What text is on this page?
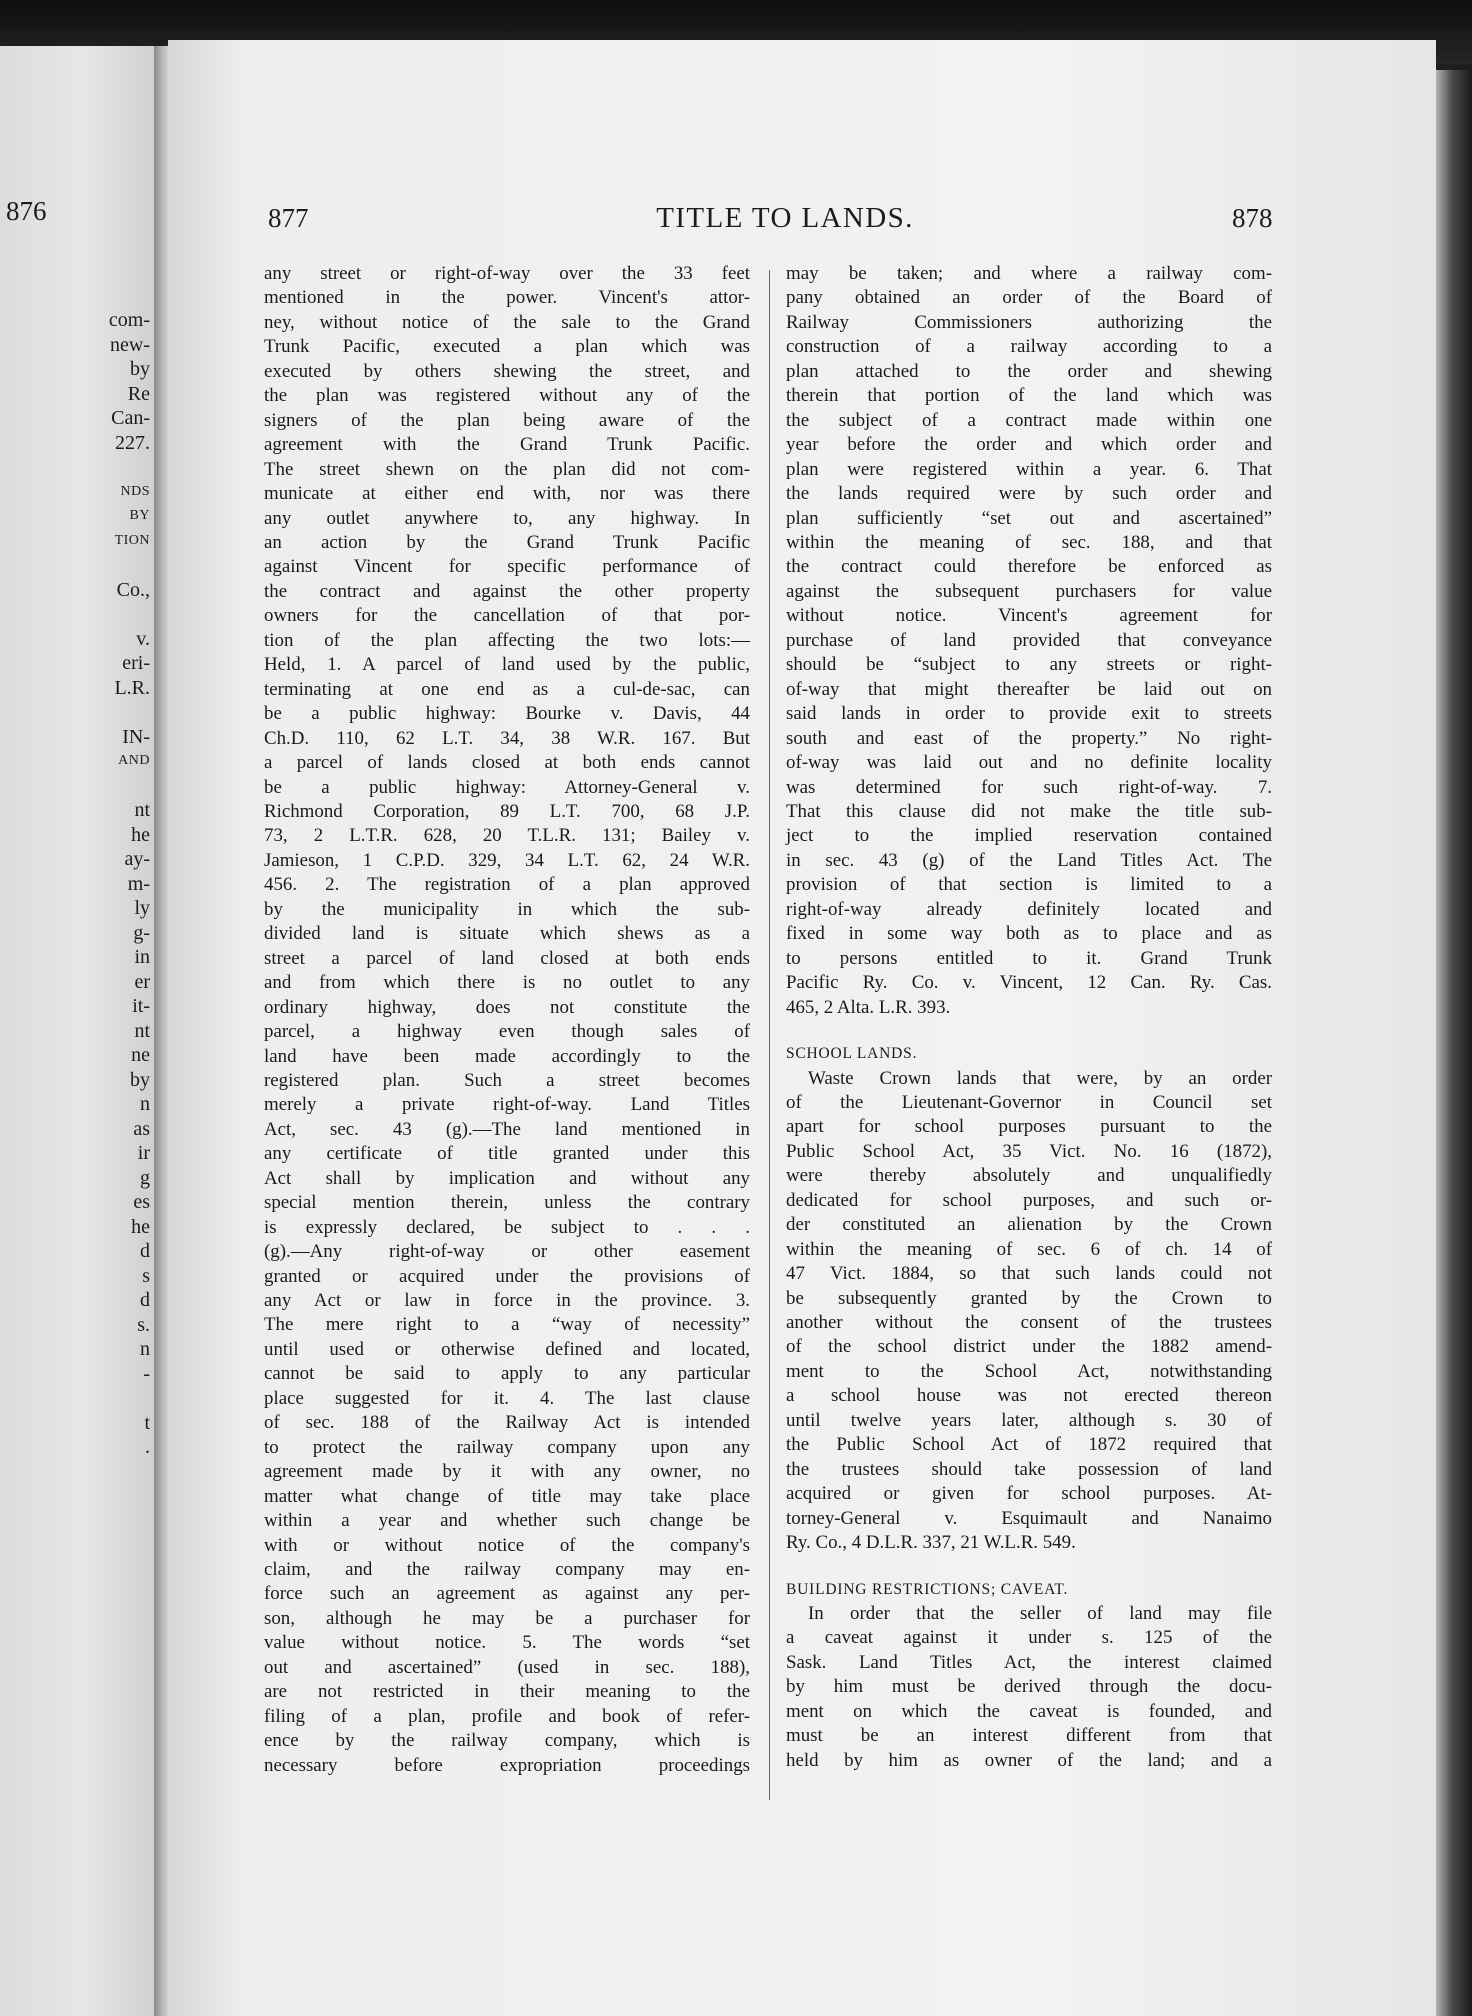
876
com-
new-
by
Re
Can-
227.

NDS
BY
TION

Co.,

v.
eri-
L.R.

IN-
AND

nt
he
ay-
m-
ly
g-
in
er
it-
nt
ne
by
n
as
ir
g
es
he
d
s
d
s.
n
-

t
.
877	TITLE TO LANDS.	878
any street or right-of-way over the 33 feet
mentioned in the power. Vincent's attor-
ney, without notice of the sale to the Grand
Trunk Pacific, executed a plan which was
executed by others shewing the street, and
the plan was registered without any of the
signers of the plan being aware of the
agreement with the Grand Trunk Pacific.
The street shewn on the plan did not com-
municate at either end with, nor was there
any outlet anywhere to, any highway. In
an action by the Grand Trunk Pacific
against Vincent for specific performance of
the contract and against the other property
owners for the cancellation of that por-
tion of the plan affecting the two lots:—
Held, 1. A parcel of land used by the public,
terminating at one end as a cul-de-sac, can
be a public highway: Bourke v. Davis, 44
Ch.D. 110, 62 L.T. 34, 38 W.R. 167. But
a parcel of lands closed at both ends cannot
be a public highway: Attorney-General v.
Richmond Corporation, 89 L.T. 700, 68 J.P.
73, 2 L.T.R. 628, 20 T.L.R. 131; Bailey v.
Jamieson, 1 C.P.D. 329, 34 L.T. 62, 24 W.R.
456. 2. The registration of a plan approved
by the municipality in which the sub-
divided land is situate which shews as a
street a parcel of land closed at both ends
and from which there is no outlet to any
ordinary highway, does not constitute the
parcel, a highway even though sales of
land have been made accordingly to the
registered plan. Such a street becomes
merely a private right-of-way. Land Titles
Act, sec. 43 (g).—The land mentioned in
any certificate of title granted under this
Act shall by implication and without any
special mention therein, unless the contrary
is expressly declared, be subject to . . .
(g).—Any right-of-way or other easement
granted or acquired under the provisions of
any Act or law in force in the province. 3.
The mere right to a “way of necessity”
until used or otherwise defined and located,
cannot be said to apply to any particular
place suggested for it. 4. The last clause
of sec. 188 of the Railway Act is intended
to protect the railway company upon any
agreement made by it with any owner, no
matter what change of title may take place
within a year and whether such change be
with or without notice of the company's
claim, and the railway company may en-
force such an agreement as against any per-
son, although he may be a purchaser for
value without notice. 5. The words “set
out and ascertained” (used in sec. 188),
are not restricted in their meaning to the
filing of a plan, profile and book of refer-
ence by the railway company, which is
necessary before expropriation proceedings
may be taken; and where a railway com-
pany obtained an order of the Board of
Railway Commissioners authorizing the
construction of a railway according to a
plan attached to the order and shewing
therein that portion of the land which was
the subject of a contract made within one
year before the order and which order and
plan were registered within a year. 6. That
the lands required were by such order and
plan sufficiently “set out and ascertained”
within the meaning of sec. 188, and that
the contract could therefore be enforced as
against the subsequent purchasers for value
without notice. Vincent's agreement for
purchase of land provided that conveyance
should be “subject to any streets or right-
of-way that might thereafter be laid out on
said lands in order to provide exit to streets
south and east of the property.” No right-
of-way was laid out and no definite locality
was determined for such right-of-way. 7.
That this clause did not make the title sub-
ject to the implied reservation contained
in sec. 43 (g) of the Land Titles Act. The
provision of that section is limited to a
right-of-way already definitely located and
fixed in some way both as to place and as
to persons entitled to it. Grand Trunk
Pacific Ry. Co. v. Vincent, 12 Can. Ry. Cas.
465, 2 Alta. L.R. 393.
SCHOOL LANDS.
Waste Crown lands that were, by an order
of the Lieutenant-Governor in Council set
apart for school purposes pursuant to the
Public School Act, 35 Vict. No. 16 (1872),
were thereby absolutely and unqualifiedly
dedicated for school purposes, and such or-
der constituted an alienation by the Crown
within the meaning of sec. 6 of ch. 14 of
47 Vict. 1884, so that such lands could not
be subsequently granted by the Crown to
another without the consent of the trustees
of the school district under the 1882 amend-
ment to the School Act, notwithstanding
a school house was not erected thereon
until twelve years later, although s. 30 of
the Public School Act of 1872 required that
the trustees should take possession of land
acquired or given for school purposes. At-
torney-General v. Esquimault and Nanaimo
Ry. Co., 4 D.L.R. 337, 21 W.L.R. 549.
BUILDING RESTRICTIONS; CAVEAT.
In order that the seller of land may file
a caveat against it under s. 125 of the
Sask. Land Titles Act, the interest claimed
by him must be derived through the docu-
ment on which the caveat is founded, and
must be an interest different from that
held by him as owner of the land; and a
